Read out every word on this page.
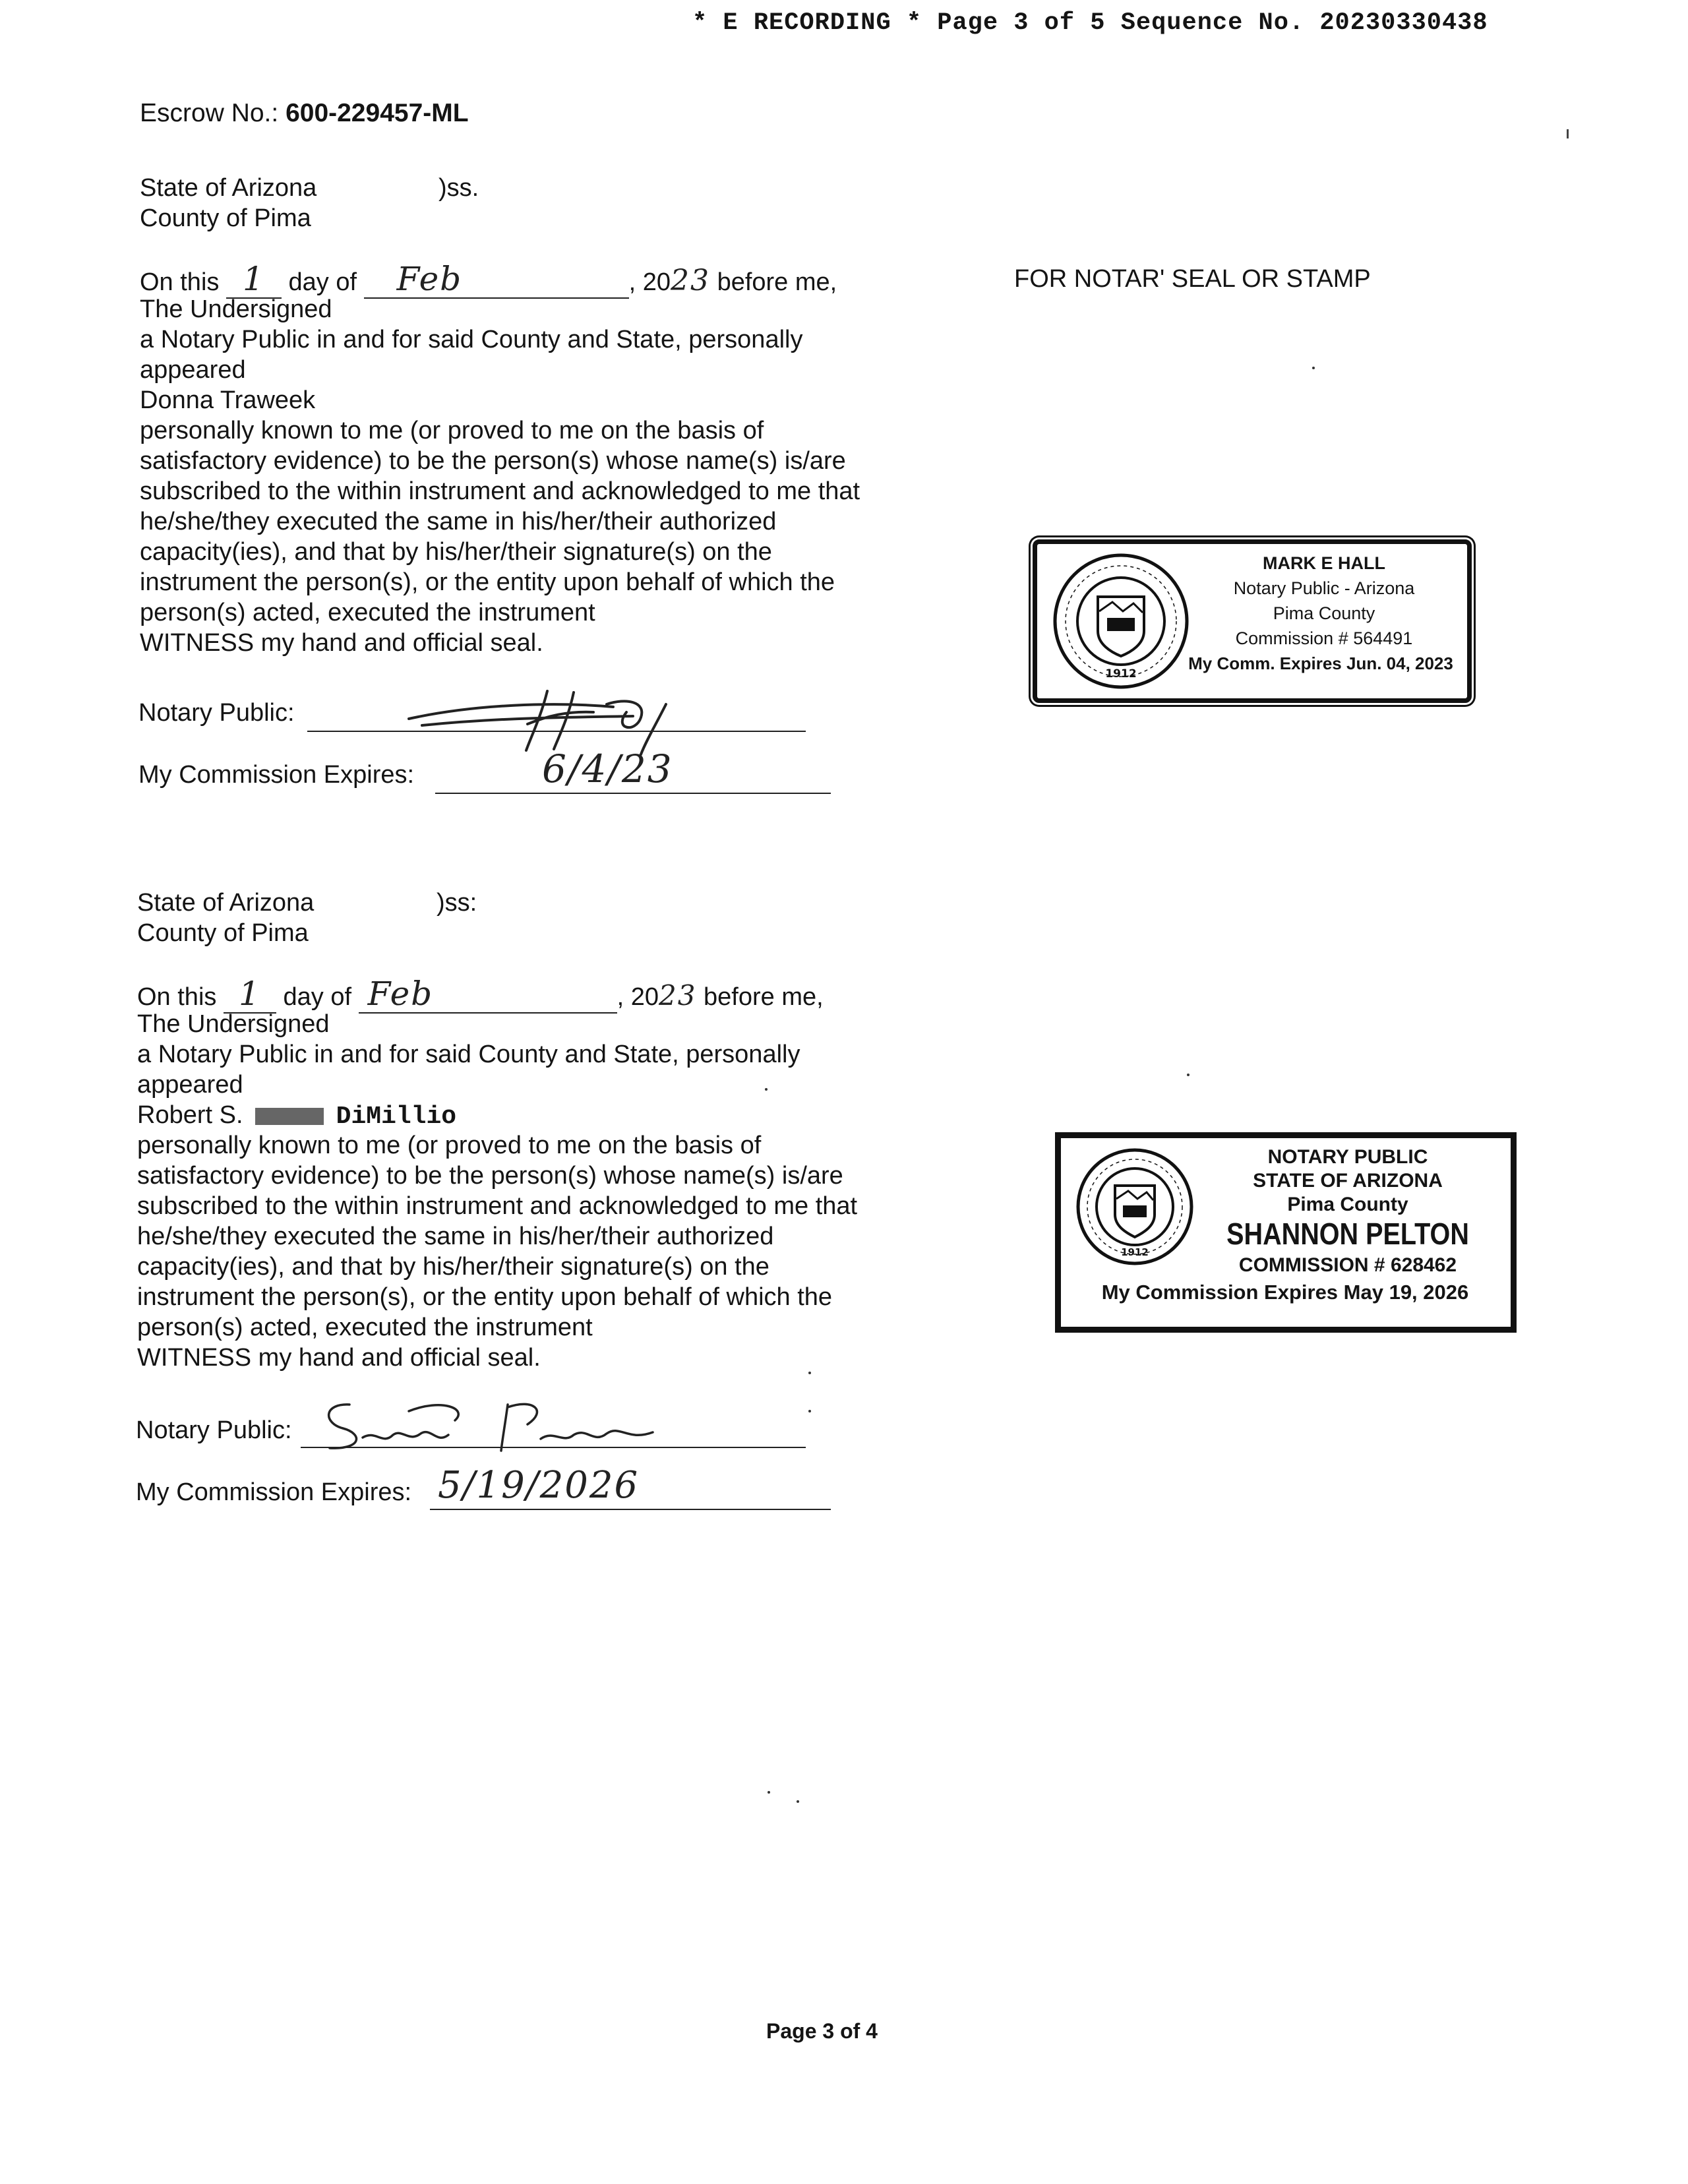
* E RECORDING * Page 3 of 5 Sequence No. 20230330438
Escrow No.: 600-229457-ML
State of Arizona	)ss.
County of Pima
On this 1 day of Feb	, 2023 before me,
The Undersigned
a Notary Public in and for said County and State, personally
appeared
Donna Traweek
personally known to me (or proved to me on the basis of
satisfactory evidence) to be the person(s) whose name(s) is/are
subscribed to the within instrument and acknowledged to me that
he/she/they executed the same in his/her/their authorized
capacity(ies), and that by his/her/their signature(s) on the
instrument the person(s), or the entity upon behalf of which the
person(s) acted, executed the instrument
WITNESS my hand and official seal.
Notary Public:
My Commission Expires:	6/4/23
FOR NOTAR' SEAL OR STAMP
1912
MARK E HALL
Notary Public - Arizona
Pima County
Commission # 564491
My Comm. Expires Jun. 04, 2023
State of Arizona	)ss:
County of Pima
On this 1 day of Feb	, 2023 before me,
The Undersigned
a Notary Public in and for said County and State, personally
appeared
Robert S.	DiMillio
personally known to me (or proved to me on the basis of
satisfactory evidence) to be the person(s) whose name(s) is/are
subscribed to the within instrument and acknowledged to me that
he/she/they executed the same in his/her/their authorized
capacity(ies), and that by his/her/their signature(s) on the
instrument the person(s), or the entity upon behalf of which the
person(s) acted, executed the instrument
WITNESS my hand and official seal.
Notary Public:
My Commission Expires: 5/19/2026
1912
NOTARY PUBLIC
STATE OF ARIZONA
Pima County
SHANNON PELTON
COMMISSION # 628462
My Commission Expires May 19, 2026
Page 3 of 4
